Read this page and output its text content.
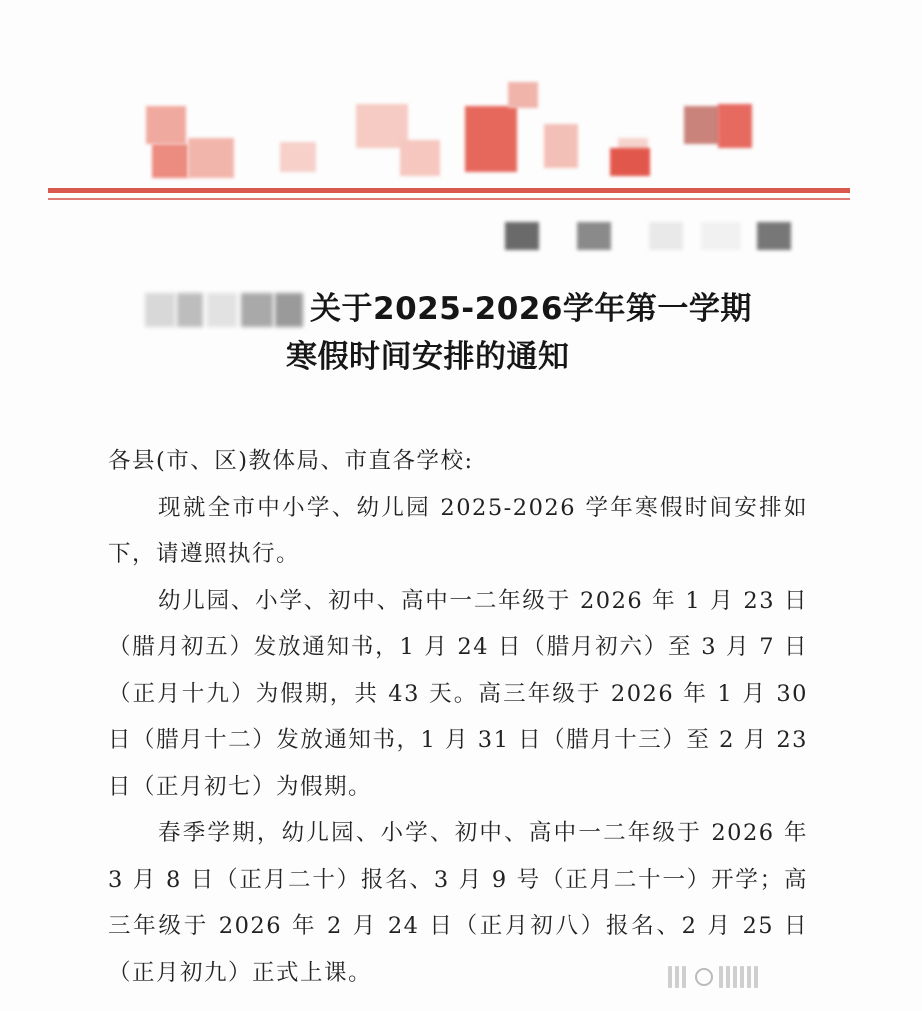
关于2025-2026学年第一学期
寒假时间安排的通知

各县(市、区)教体局、市直各学校:

现就全市中小学、幼儿园 2025-2026 学年寒假时间安排如下，请遵照执行。

幼儿园、小学、初中、高中一二年级于 2026 年 1 月 23 日（腊月初五）发放通知书，1 月 24 日（腊月初六）至 3 月 7 日（正月十九）为假期，共 43 天。高三年级于 2026 年 1 月 30 日（腊月十二）发放通知书，1 月 31 日（腊月十三）至 2 月 23 日（正月初七）为假期。

春季学期，幼儿园、小学、初中、高中一二年级于 2026 年 3 月 8 日（正月二十）报名、3 月 9 号（正月二十一）开学；高三年级于 2026 年 2 月 24 日（正月初八）报名、2 月 25 日（正月初九）正式上课。
